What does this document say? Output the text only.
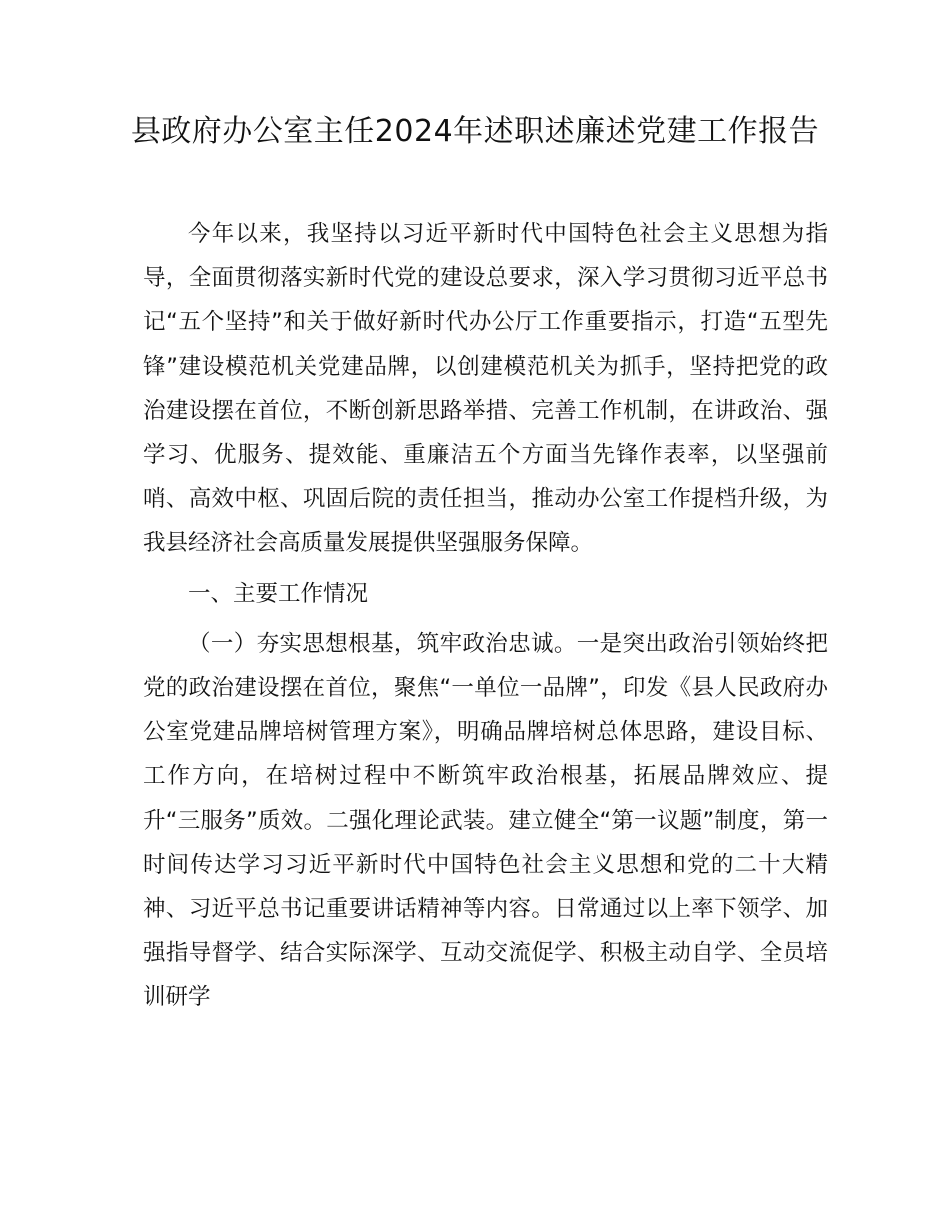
县政府办公室主任2024年述职述廉述党建工作报告

今年以来，我坚持以习近平新时代中国特色社会主义思想为指导，全面贯彻落实新时代党的建设总要求，深入学习贯彻习近平总书记“五个坚持”和关于做好新时代办公厅工作重要指示，打造“五型先锋”建设模范机关党建品牌，以创建模范机关为抓手，坚持把党的政治建设摆在首位，不断创新思路举措、完善工作机制，在讲政治、强学习、优服务、提效能、重廉洁五个方面当先锋作表率，以坚强前哨、高效中枢、巩固后院的责任担当，推动办公室工作提档升级，为我县经济社会高质量发展提供坚强服务保障。

一、主要工作情况

（一）夯实思想根基，筑牢政治忠诚。一是突出政治引领始终把党的政治建设摆在首位，聚焦“一单位一品牌”，印发《县人民政府办公室党建品牌培树管理方案》，明确品牌培树总体思路，建设目标、工作方向，在培树过程中不断筑牢政治根基，拓展品牌效应、提升“三服务”质效。二强化理论武装。建立健全“第一议题”制度，第一时间传达学习习近平新时代中国特色社会主义思想和党的二十大精神、习近平总书记重要讲话精神等内容。日常通过以上率下领学、加强指导督学、结合实际深学、互动交流促学、积极主动自学、全员培训研学
